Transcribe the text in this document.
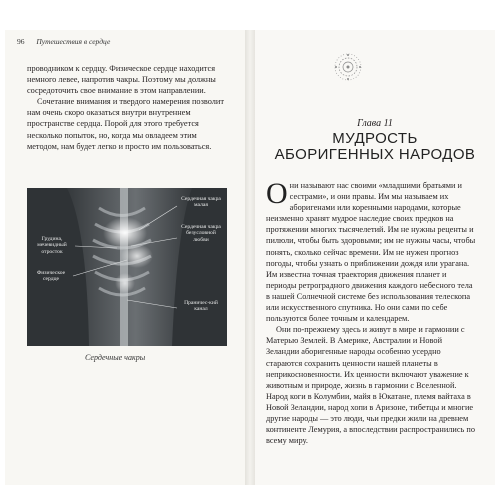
96 Путешествия в сердце

проводником к сердцу. Физическое сердце находится немного левее, напротив чакры. Поэтому мы должны сосредоточить свое внимание в этом направлении.

Сочетание внимания и твердого намерения позволит нам очень скоро оказаться внутри внутреннем пространстве сердца. Порой для этого требуется несколько попыток, но, когда мы овладеем этим методом, нам будет легко и просто им пользоваться.

Грудина, мечевидный отросток
Физическое сердце
Сердечная чакра малая
Сердечная чакра безусловной любви
Праничес-кий канал
Сердечные чакры
Глава 11
МУДРОСТЬ
АБОРИГЕННЫХ НАРОДОВ

Они называют нас своими «младшими братьями и сестрами», и они правы. Им мы называем их аборигенами или коренными народами, которые неизменно хранят мудрое наследие своих предков на протяжении многих тысячелетий. Им не нужны реценты и пилюли, чтобы быть здоровыми; им не нужны часы, чтобы понять, сколько сейчас времени. Им не нужен прогноз погоды, чтобы узнать о приближении дождя или урагана. Им известна точная траектория движения планет и периоды ретроградного движения каждого небесного тела в нашей Солнечной системе без использования телескопа или искусственного спутника. Но они сами по себе пользуются более точным и календарем.

Они по-прежнему здесь и живут в мире и гармонии с Матерью Землей. В Америке, Австралии и Новой Зеландии аборигенные народы особенно усердно стараются сохранить ценности нашей планеты в неприкосновенности. Их ценности включают уважение к животным и природе, жизнь в гармонии с Вселенной. Народ коги в Колумбии, майя в Юкатане, племя вайтаха в Новой Зеландии, народ хопи в Аризоне, тибетцы и многие другие народы — это люди, чьи предки жили на древнем континенте Лемурия, а впоследствии распространились по всему миру.
